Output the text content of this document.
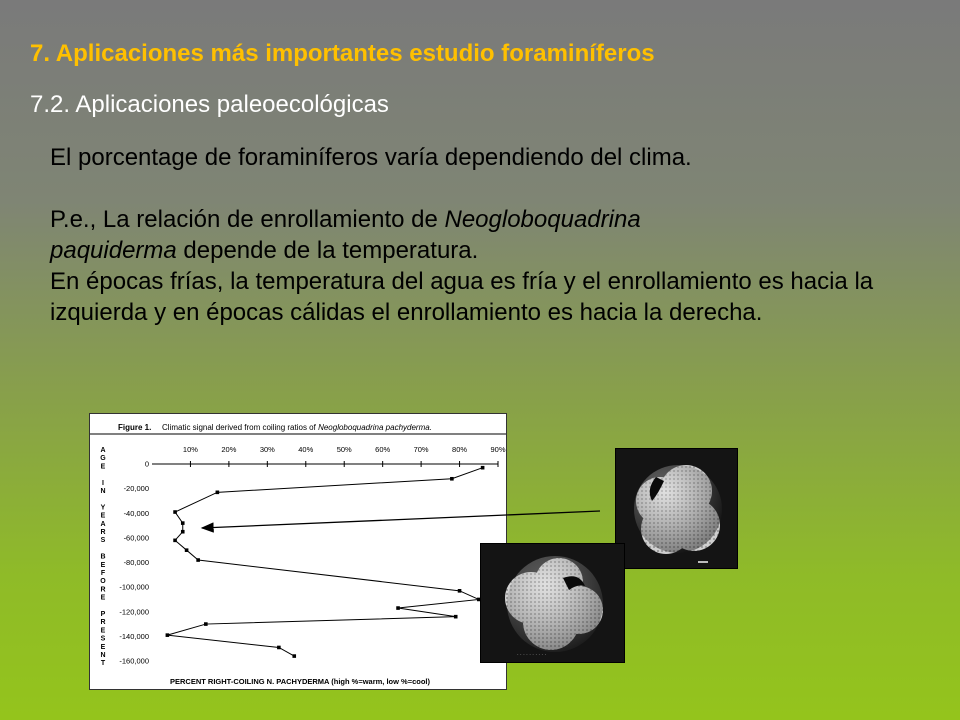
7. Aplicaciones más importantes estudio foraminíferos
7.2. Aplicaciones paleoecológicas

El porcentage de foraminíferos varía dependiendo del clima.

P.e., La relación de enrollamiento de Neogloboquadrina
paquiderma depende de la temperatura.

En épocas frías, la temperatura del agua es fría y el enrollamiento es hacia la izquierda y en épocas cálidas el enrollamiento es hacia la derecha.

Figure 1. Climatic signal derived from coiling ratios of Neogloboquadrina pachyderma.
A
G
E
I
N
Y
E
A
R
S
B
E
F
O
R
E
P
R
E
S
E
N
T
10%	20%	30%	40%	50%	60%	70%	80%	90%
0
-20,000
-40,000
-60,000
-80,000
-100,000
-120,000
-140,000
-160,000
PERCENT RIGHT-COILING N. PACHYDERMA (high %=warm, low %=cool)
· · · · · · · · · ·
